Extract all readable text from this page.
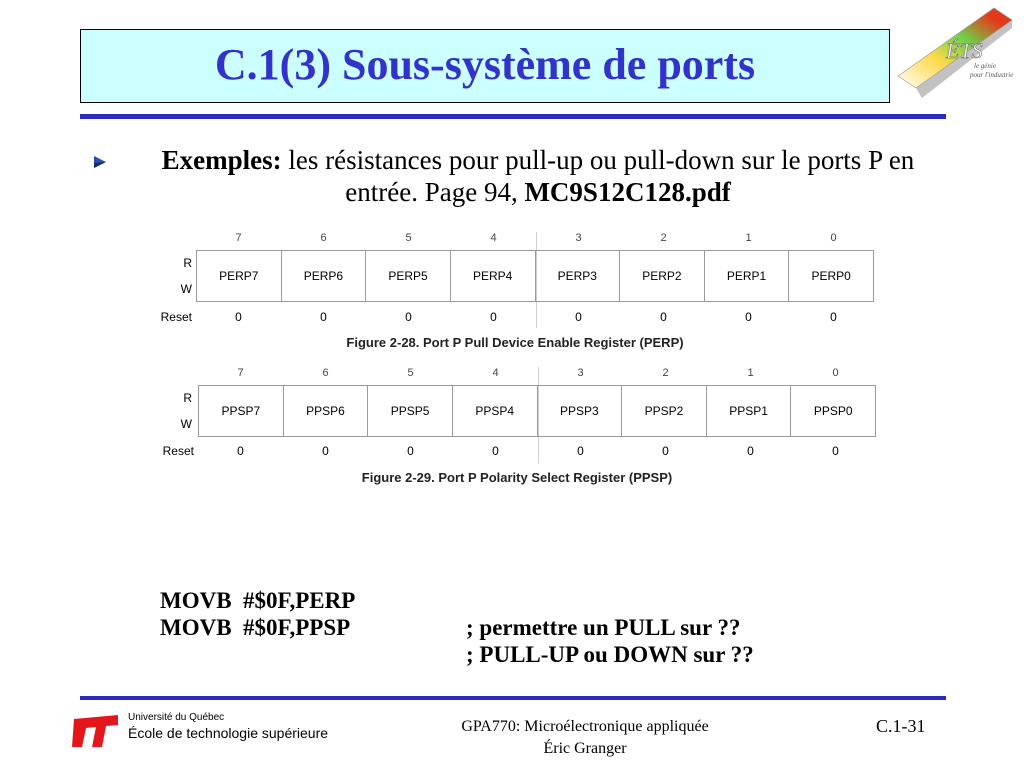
C.1(3) Sous-système de ports	ÉTS
le génie
pour l'industrie
Exemples: les résistances pour pull-up ou pull-down sur le ports P en entrée. Page 94, MC9S12C128.pdf
7	6	5	4	3	2	1	0
R
W
PERP7	PERP6	PERP5	PERP4	PERP3	PERP2	PERP1	PERP0
Reset	0	0	0	0	0	0	0	0
Figure 2-28. Port P Pull Device Enable Register (PERP)
7	6	5	4	3	2	1	0
R
W
PPSP7	PPSP6	PPSP5	PPSP4	PPSP3	PPSP2	PPSP1	PPSP0
Reset	0	0	0	0	0	0	0	0
Figure 2-29. Port P Polarity Select Register (PPSP)

MOVB  #$0F,PERP

; permettre un PULL sur ??

MOVB  #$0F,PPSP

; PULL-UP ou DOWN sur ??

Université du Québec
École de technologie supérieure	GPA770: Microélectronique appliquée
Éric Granger
C.1-31
